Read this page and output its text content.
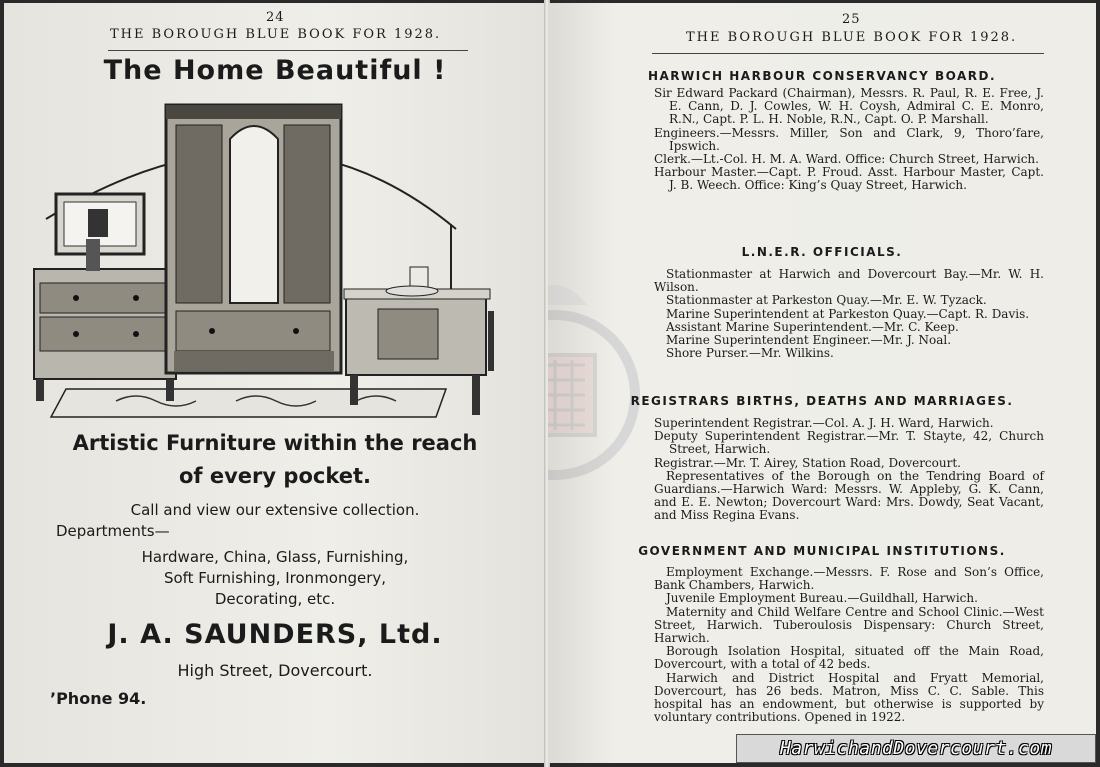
24
THE BOROUGH BLUE BOOK FOR 1928.
The Home Beautiful !
Artistic Furniture within the reach
of every pocket.
Call and view our extensive collection.
Departments—
Hardware, China, Glass, Furnishing,
Soft Furnishing, Ironmongery,
Decorating, etc.
J. A. SAUNDERS, Ltd.
High Street, Dovercourt.
’Phone 94.
25
THE BOROUGH BLUE BOOK FOR 1928.
HARWICH HARBOUR CONSERVANCY BOARD.

Sir Edward Packard (Chairman), Messrs. R. Paul, R. E. Free, J. E. Cann, D. J. Cowles, W. H. Coysh, Admiral C. E. Monro, R.N., Capt. P. L. H. Noble, R.N., Capt. O. P. Marshall.

Engineers.—Messrs. Miller, Son and Clark, 9, Thoro’fare, Ipswich.

Clerk.—Lt.-Col. H. M. A. Ward. Office: Church Street, Harwich.

Harbour Master.—Capt. P. Froud. Asst. Harbour Master, Capt. J. B. Weech. Office: King’s Quay Street, Harwich.

L.N.E.R. OFFICIALS.

Stationmaster at Harwich and Dovercourt Bay.—Mr. W. H. Wilson.

Stationmaster at Parkeston Quay.—Mr. E. W. Tyzack.

Marine Superintendent at Parkeston Quay.—Capt. R. Davis.

Assistant Marine Superintendent.—Mr. C. Keep.

Marine Superintendent Engineer.—Mr. J. Noal.

Shore Purser.—Mr. Wilkins.

REGISTRARS BIRTHS, DEATHS AND MARRIAGES.

Superintendent Registrar.—Col. A. J. H. Ward, Harwich.

Deputy Superintendent Registrar.—Mr. T. Stayte, 42, Church Street, Harwich.

Registrar.—Mr. T. Airey, Station Road, Dovercourt.

Representatives of the Borough on the Tendring Board of Guardians.—Harwich Ward: Messrs. W. Appleby, G. K. Cann, and E. E. Newton; Dovercourt Ward: Mrs. Dowdy, Seat Vacant, and Miss Regina Evans.

GOVERNMENT AND MUNICIPAL INSTITUTIONS.

Employment Exchange.—Messrs. F. Rose and Son’s Office, Bank Chambers, Harwich.

Juvenile Employment Bureau.—Guildhall, Harwich.

Maternity and Child Welfare Centre and School Clinic.—West Street, Harwich. Tuberoulosis Dispensary: Church Street, Harwich.

Borough Isolation Hospital, situated off the Main Road, Dovercourt, with a total of 42 beds.

Harwich and District Hospital and Fryatt Memorial, Dovercourt, has 26 beds. Matron, Miss C. C. Sable. This hospital has an endowment, but otherwise is supported by voluntary contributions. Opened in 1922.

HarwichandDovercourt.com
